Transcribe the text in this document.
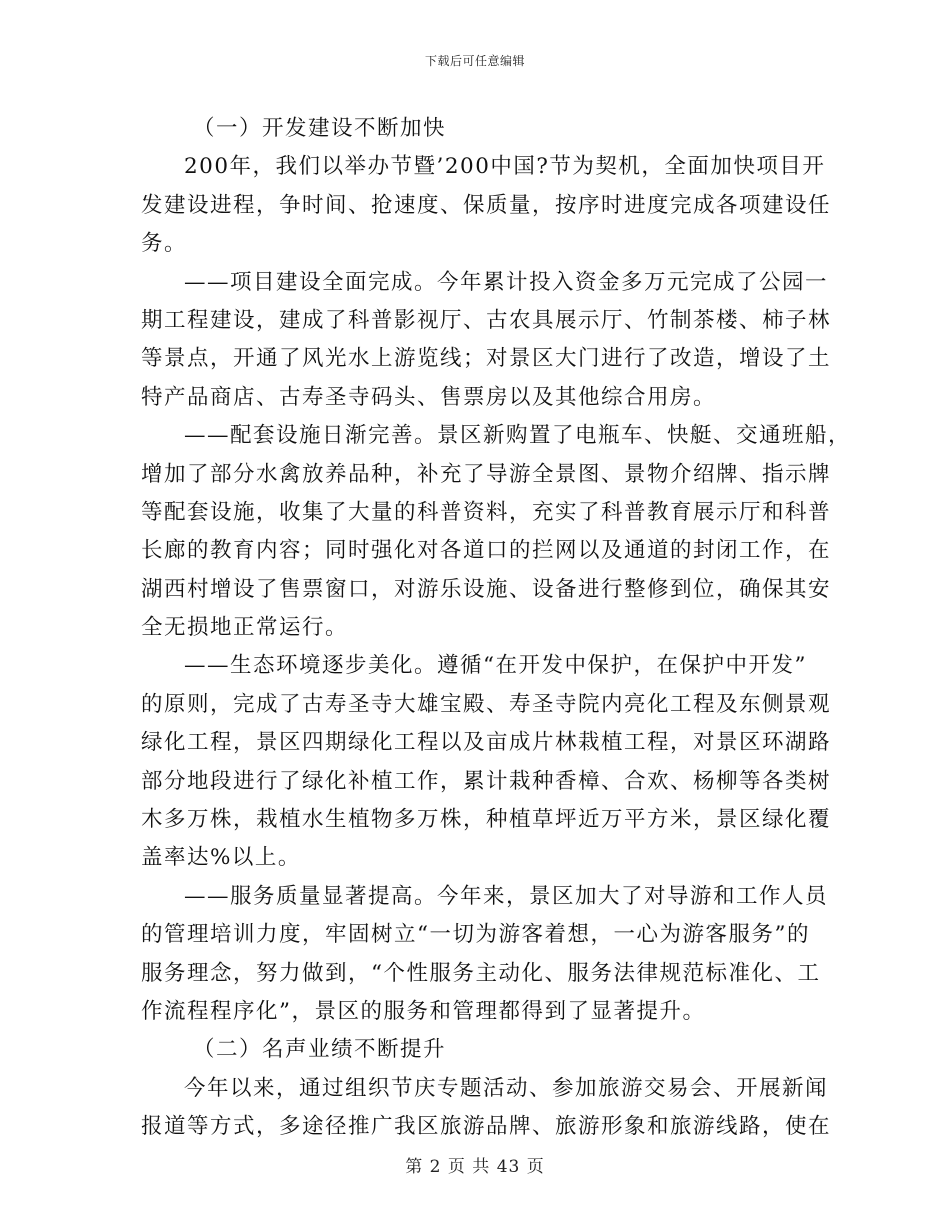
下载后可任意编辑
（一）开发建设不断加快
200年，我们以举办节暨’200中国?节为契机，全面加快项目开
发建设进程，争时间、抢速度、保质量，按序时进度完成各项建设任
务。
——项目建设全面完成。今年累计投入资金多万元完成了公园一
期工程建设，建成了科普影视厅、古农具展示厅、竹制茶楼、柿子林
等景点，开通了风光水上游览线；对景区大门进行了改造，增设了土
特产品商店、古寿圣寺码头、售票房以及其他综合用房。
——配套设施日渐完善。景区新购置了电瓶车、快艇、交通班船，
增加了部分水禽放养品种，补充了导游全景图、景物介绍牌、指示牌
等配套设施，收集了大量的科普资料，充实了科普教育展示厅和科普
长廊的教育内容；同时强化对各道口的拦网以及通道的封闭工作，在
湖西村增设了售票窗口，对游乐设施、设备进行整修到位，确保其安
全无损地正常运行。
——生态环境逐步美化。遵循“在开发中保护，在保护中开发”
的原则，完成了古寿圣寺大雄宝殿、寿圣寺院内亮化工程及东侧景观
绿化工程，景区四期绿化工程以及亩成片林栽植工程，对景区环湖路
部分地段进行了绿化补植工作，累计栽种香樟、合欢、杨柳等各类树
木多万株，栽植水生植物多万株，种植草坪近万平方米，景区绿化覆
盖率达%以上。
——服务质量显著提高。今年来，景区加大了对导游和工作人员
的管理培训力度，牢固树立“一切为游客着想，一心为游客服务”的
服务理念，努力做到，“个性服务主动化、服务法律规范标准化、工
作流程程序化”，景区的服务和管理都得到了显著提升。
（二）名声业绩不断提升
今年以来，通过组织节庆专题活动、参加旅游交易会、开展新闻
报道等方式，多途径推广我区旅游品牌、旅游形象和旅游线路，使在
第 2 页 共 43 页
